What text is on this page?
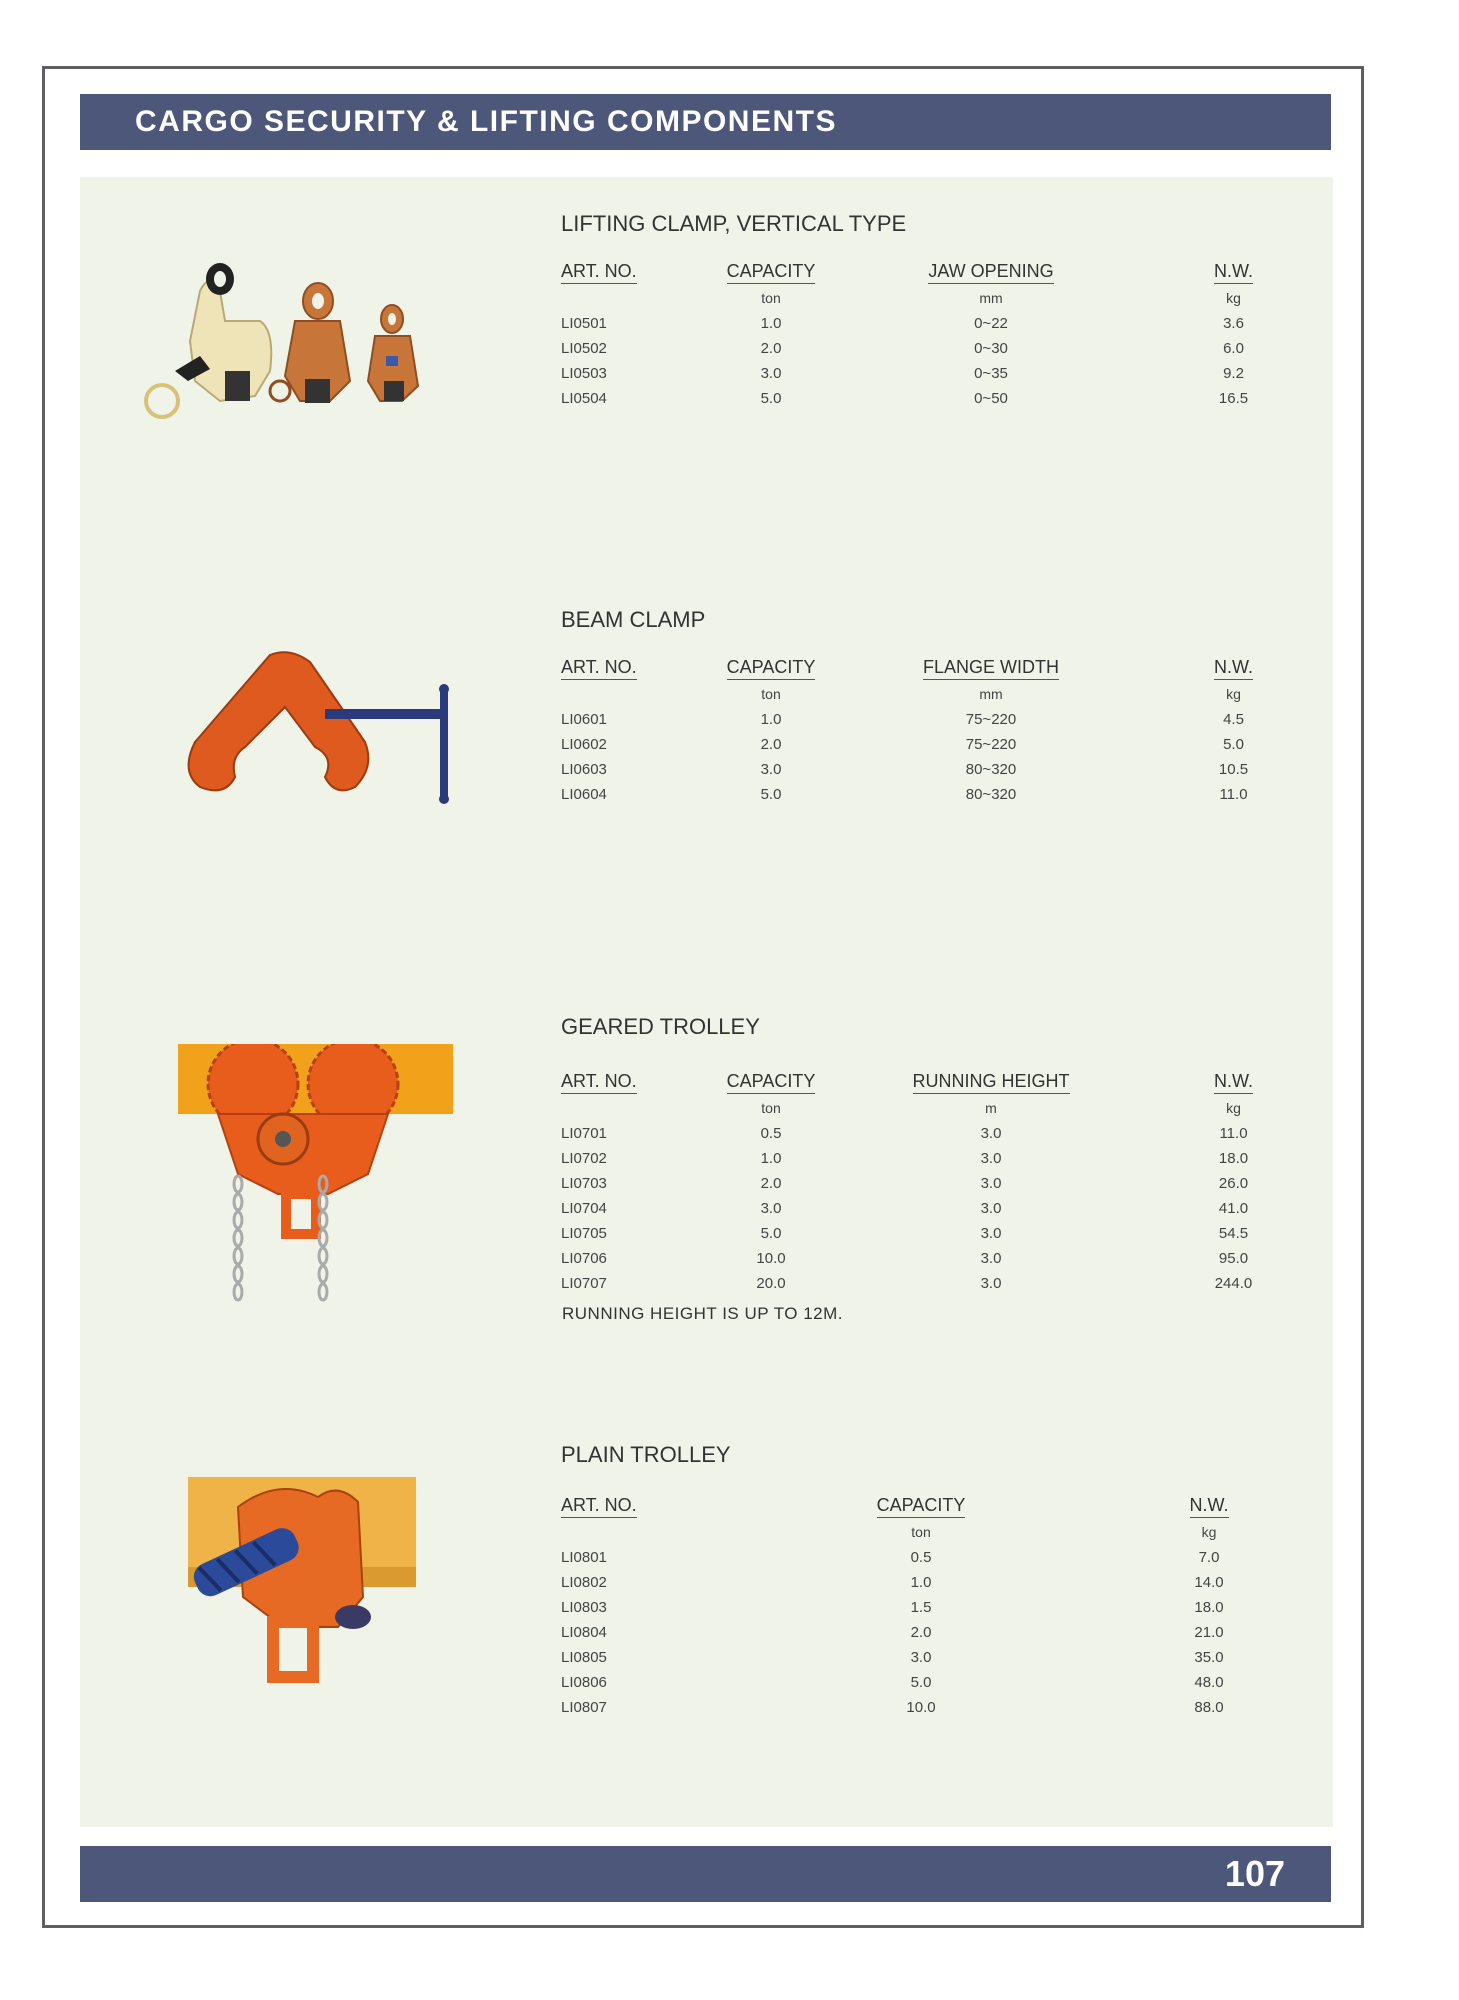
CARGO SECURITY & LIFTING COMPONENTS
LIFTING CLAMP, VERTICAL TYPE
ART. NO.	CAPACITY	JAW OPENING	N.W.
	ton	mm	kg
LI0501	1.0	0~22	3.6
LI0502	2.0	0~30	6.0
LI0503	3.0	0~35	9.2
LI0504	5.0	0~50	16.5
BEAM CLAMP
ART. NO.	CAPACITY	FLANGE WIDTH	N.W.
	ton	mm	kg
LI0601	1.0	75~220	4.5
LI0602	2.0	75~220	5.0
LI0603	3.0	80~320	10.5
LI0604	5.0	80~320	11.0
GEARED TROLLEY
ART. NO.	CAPACITY	RUNNING HEIGHT	N.W.
	ton	m	kg
LI0701	0.5	3.0	11.0
LI0702	1.0	3.0	18.0
LI0703	2.0	3.0	26.0
LI0704	3.0	3.0	41.0
LI0705	5.0	3.0	54.5
LI0706	10.0	3.0	95.0
LI0707	20.0	3.0	244.0
RUNNING HEIGHT IS UP TO 12M.
PLAIN TROLLEY
ART. NO.	CAPACITY	N.W.
	ton	kg
LI0801	0.5	7.0
LI0802	1.0	14.0
LI0803	1.5	18.0
LI0804	2.0	21.0
LI0805	3.0	35.0
LI0806	5.0	48.0
LI0807	10.0	88.0
107
